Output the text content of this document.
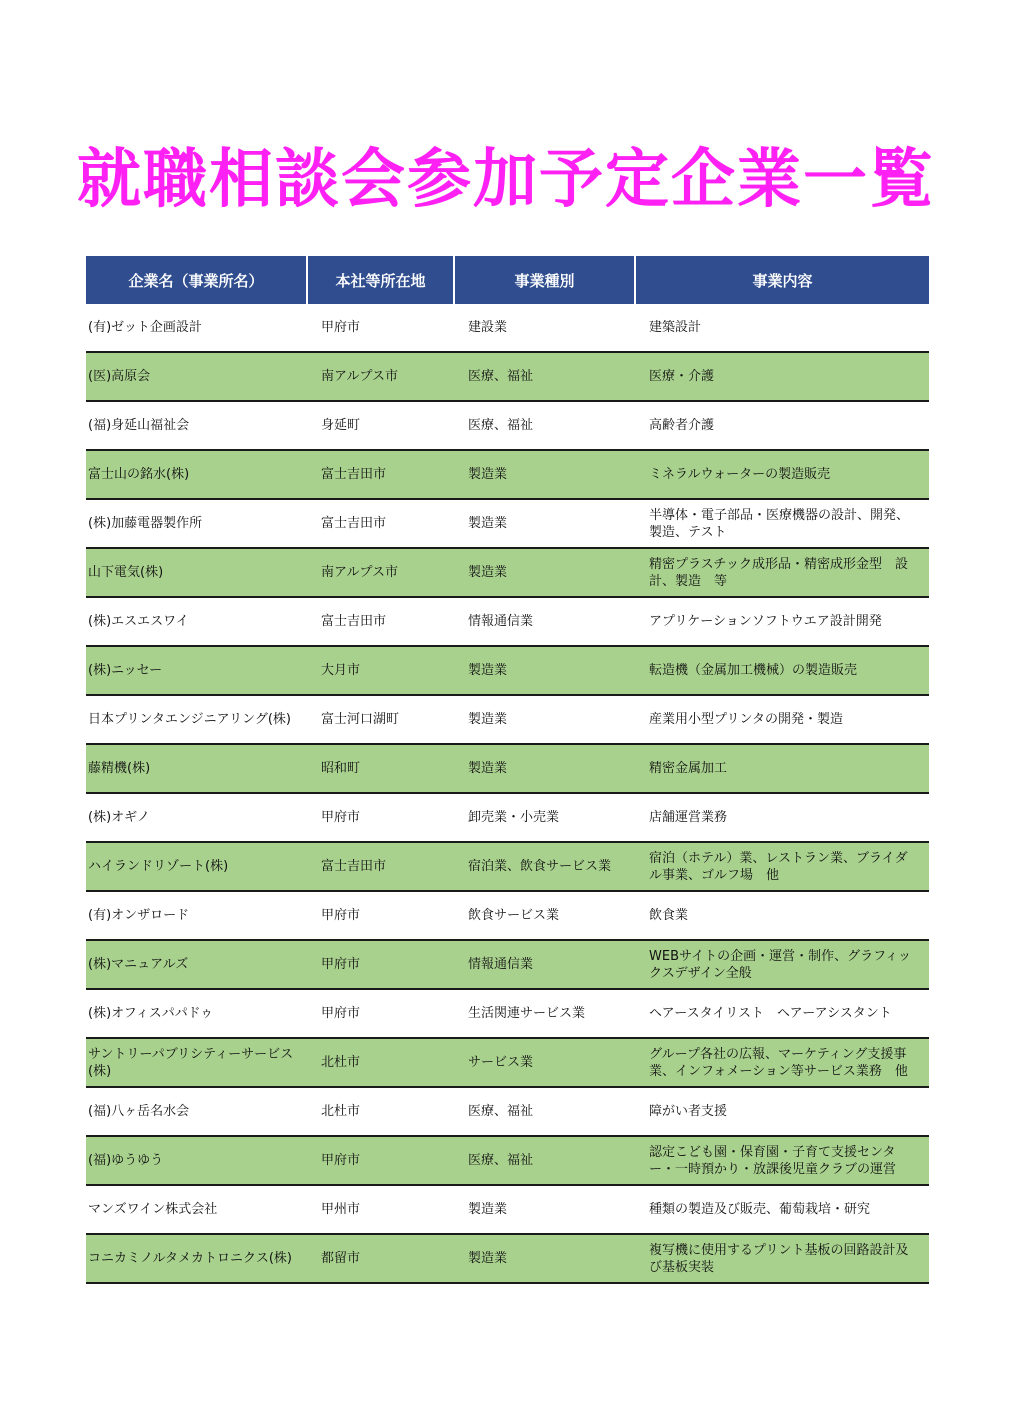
就職相談会参加予定企業一覧
企業名（事業所名）	本社等所在地	事業種別	事業内容
(有)ゼット企画設計	甲府市	建設業	建築設計
(医)高原会	南アルプス市	医療、福祉	医療・介護
(福)身延山福祉会	身延町	医療、福祉	高齢者介護
富士山の銘水(株)	富士吉田市	製造業	ミネラルウォーターの製造販売
(株)加藤電器製作所	富士吉田市	製造業	半導体・電子部品・医療機器の設計、開発、製造、テスト
山下電気(株)	南アルプス市	製造業	精密プラスチック成形品・精密成形金型　設計、製造　等
(株)エスエスワイ	富士吉田市	情報通信業	アプリケーションソフトウエア設計開発
(株)ニッセー	大月市	製造業	転造機（金属加工機械）の製造販売
日本プリンタエンジニアリング(株)	富士河口湖町	製造業	産業用小型プリンタの開発・製造
藤精機(株)	昭和町	製造業	精密金属加工
(株)オギノ	甲府市	卸売業・小売業	店舗運営業務
ハイランドリゾート(株)	富士吉田市	宿泊業、飲食サービス業	宿泊（ホテル）業、レストラン業、ブライダル事業、ゴルフ場　他
(有)オンザロード	甲府市	飲食サービス業	飲食業
(株)マニュアルズ	甲府市	情報通信業	WEBサイトの企画・運営・制作、グラフィックスデザイン全般
(株)オフィスパパドゥ	甲府市	生活関連サービス業	ヘアースタイリスト　ヘアーアシスタント
サントリーパブリシティーサービス(株)	北杜市	サービス業	グループ各社の広報、マーケティング支援事業、インフォメーション等サービス業務　他
(福)八ヶ岳名水会	北杜市	医療、福祉	障がい者支援
(福)ゆうゆう	甲府市	医療、福祉	認定こども園・保育園・子育て支援センター・一時預かり・放課後児童クラブの運営
マンズワイン株式会社	甲州市	製造業	種類の製造及び販売、葡萄栽培・研究
コニカミノルタメカトロニクス(株)	都留市	製造業	複写機に使用するプリント基板の回路設計及び基板実装
